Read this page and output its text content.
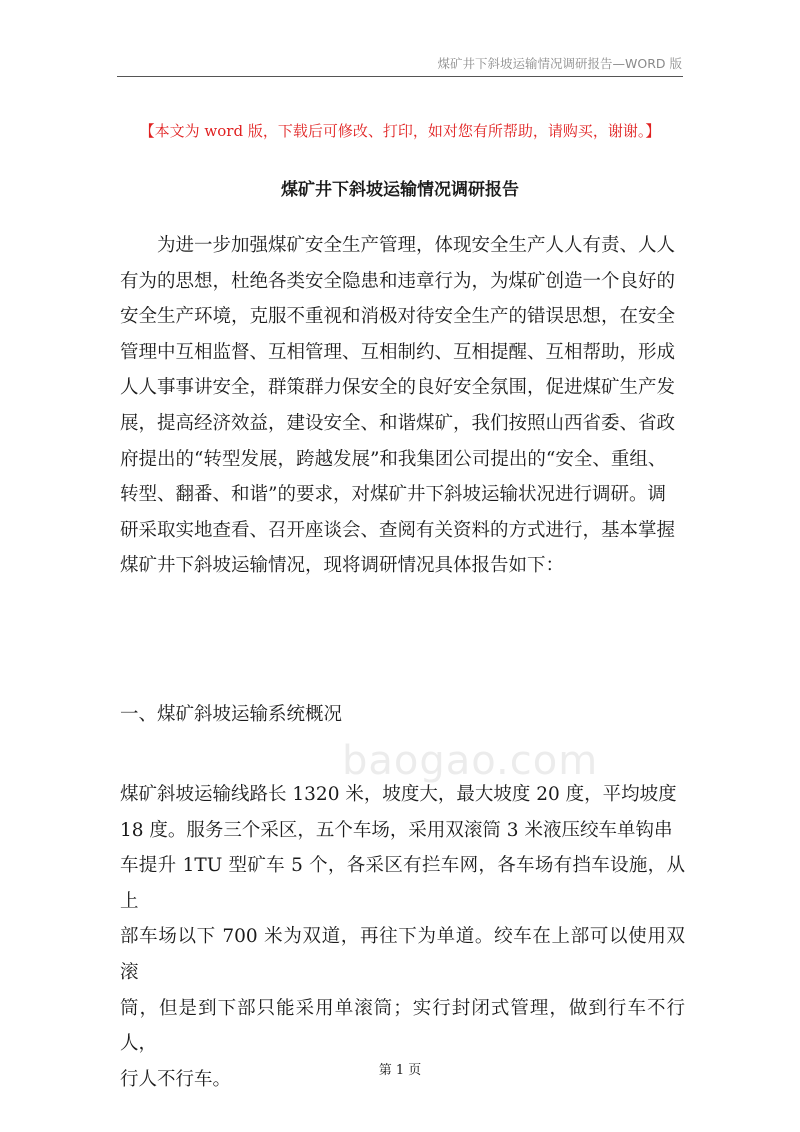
煤矿井下斜坡运输情况调研报告—WORD 版
【本文为 word 版，下载后可修改、打印，如对您有所帮助，请购买，谢谢。】
煤矿井下斜坡运输情况调研报告
　　为进一步加强煤矿安全生产管理，体现安全生产人人有责、人人
有为的思想，杜绝各类安全隐患和违章行为，为煤矿创造一个良好的
安全生产环境，克服不重视和消极对待安全生产的错误思想，在安全
管理中互相监督、互相管理、互相制约、互相提醒、互相帮助，形成
人人事事讲安全，群策群力保安全的良好安全氛围，促进煤矿生产发
展，提高经济效益，建设安全、和谐煤矿，我们按照山西省委、省政
府提出的“转型发展，跨越发展”和我集团公司提出的“安全、重组、
转型、翻番、和谐”的要求，对煤矿井下斜坡运输状况进行调研。调
研采取实地查看、召开座谈会、查阅有关资料的方式进行，基本掌握
煤矿井下斜坡运输情况，现将调研情况具体报告如下：
一、煤矿斜坡运输系统概况
baogao.com
煤矿斜坡运输线路长 1320 米，坡度大，最大坡度 20 度，平均坡度
18 度。服务三个采区，五个车场，采用双滚筒 3 米液压绞车单钩串
车提升 1TU 型矿车 5 个，各采区有拦车网，各车场有挡车设施，从上
部车场以下 700 米为双道，再往下为单道。绞车在上部可以使用双滚
筒，但是到下部只能采用单滚筒；实行封闭式管理，做到行车不行人，
行人不行车。	第 1 页
